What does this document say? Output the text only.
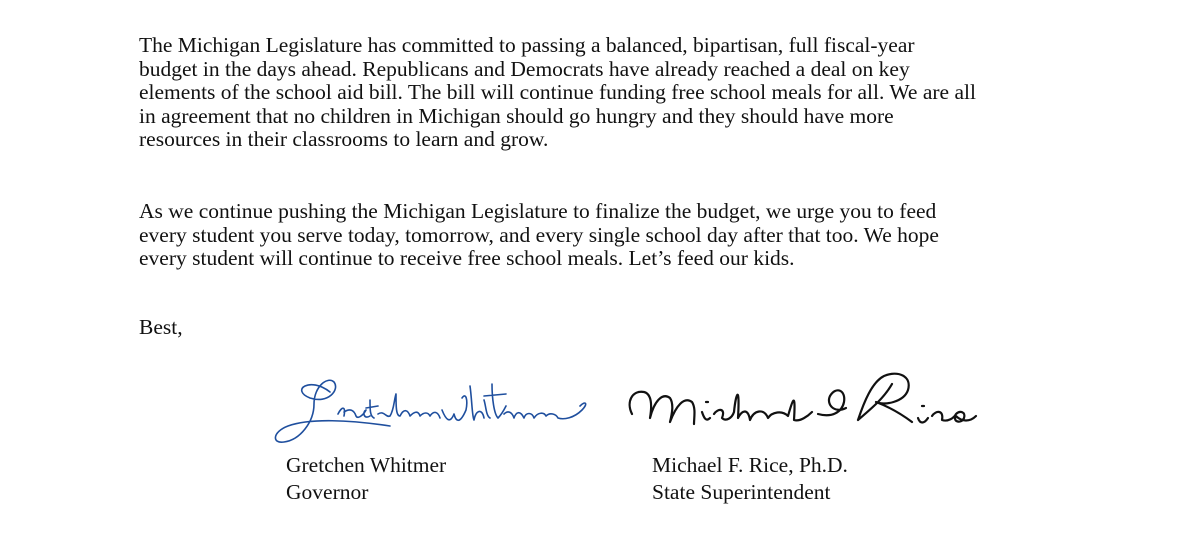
The Michigan Legislature has committed to passing a balanced, bipartisan, full fiscal-year
budget in the days ahead. Republicans and Democrats have already reached a deal on key
elements of the school aid bill. The bill will continue funding free school meals for all. We are all
in agreement that no children in Michigan should go hungry and they should have more
resources in their classrooms to learn and grow.

As we continue pushing the Michigan Legislature to finalize the budget, we urge you to feed
every student you serve today, tomorrow, and every single school day after that too. We hope
every student will continue to receive free school meals. Let’s feed our kids.

Best,

Gretchen Whitmer
Governor
Michael F. Rice, Ph.D.
State Superintendent
